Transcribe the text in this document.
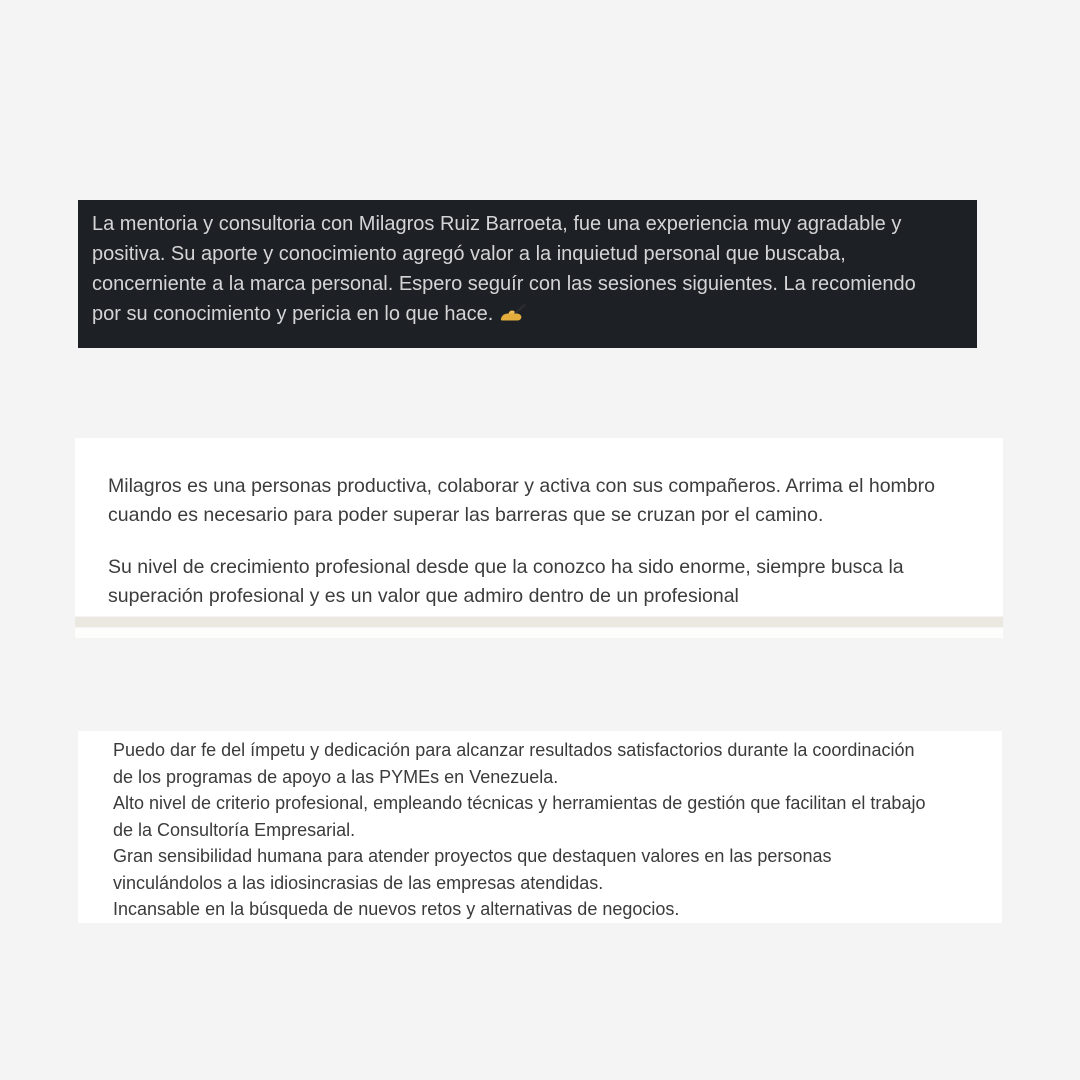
La mentoria y consultoria con Milagros Ruiz Barroeta, fue una experiencia muy agradable y
positiva. Su aporte y conocimiento agregó valor a la inquietud personal que buscaba,
concerniente a la marca personal. Espero seguír con las sesiones siguientes. La recomiendo
por su conocimiento y pericia en lo que hace.

Milagros es una personas productiva, colaborar y activa con sus compañeros. Arrima el hombro
cuando es necesario para poder superar las barreras que se cruzan por el camino.

Su nivel de crecimiento profesional desde que la conozco ha sido enorme, siempre busca la
superación profesional y es un valor que admiro dentro de un profesional

Puedo dar fe del ímpetu y dedicación para alcanzar resultados satisfactorios durante la coordinación
de los programas de apoyo a las PYMEs en Venezuela.
Alto nivel de criterio profesional, empleando técnicas y herramientas de gestión que facilitan el trabajo
de la Consultoría Empresarial.
Gran sensibilidad humana para atender proyectos que destaquen valores en las personas
vinculándolos a las idiosincrasias de las empresas atendidas.
Incansable en la búsqueda de nuevos retos y alternativas de negocios.
